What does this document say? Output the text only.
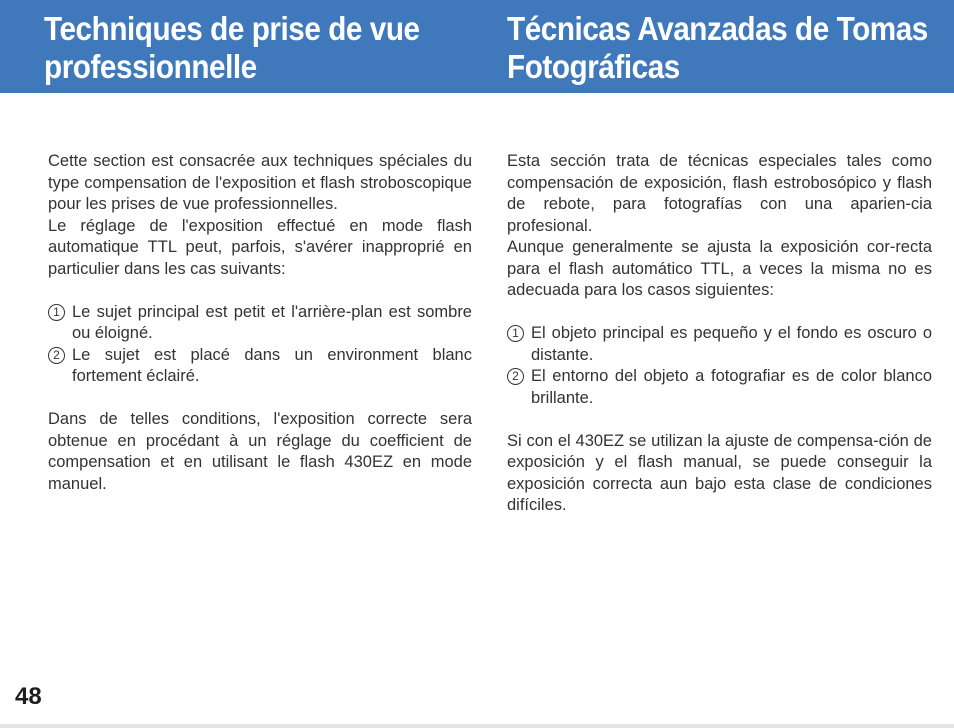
Techniques de prise de vue
professionnelle
Técnicas Avanzadas de Tomas
Fotográficas

Cette section est consacrée aux techniques spéciales du type compensation de l'exposition et flash stroboscopique pour les prises de vue professionnelles.

Le réglage de l'exposition effectué en mode flash automatique TTL peut, parfois, s'avérer inapproprié en particulier dans les cas suivants:

1 Le sujet principal est petit et l'arrière-plan est sombre ou éloigné.
2 Le sujet est placé dans un environment blanc fortement éclairé.

Dans de telles conditions, l'exposition correcte sera obtenue en procédant à un réglage du coefficient de compensation et en utilisant le flash 430EZ en mode manuel.

Esta sección trata de técnicas especiales tales como compensación de exposición, flash estrobosópico y flash de rebote, para fotografías con una aparien-cia profesional.

Aunque generalmente se ajusta la exposición cor-recta para el flash automático TTL, a veces la misma no es adecuada para los casos siguientes:

1 El objeto principal es pequeño y el fondo es oscuro o distante.
2 El entorno del objeto a fotografiar es de color blanco brillante.

Si con el 430EZ se utilizan la ajuste de compensa-ción de exposición y el flash manual, se puede conseguir la exposición correcta aun bajo esta clase de condiciones difíciles.

48
